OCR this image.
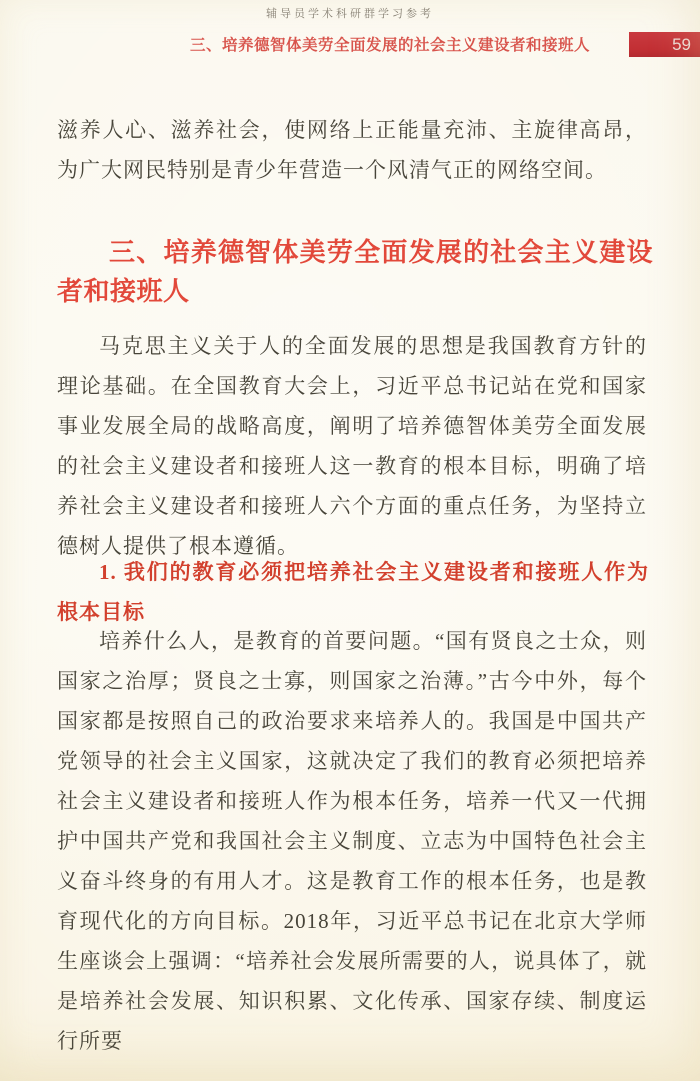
辅导员学术科研群学习参考
三、培养德智体美劳全面发展的社会主义建设者和接班人	59

滋养人心、滋养社会，使网络上正能量充沛、主旋律高昂，为广大网民特别是青少年营造一个风清气正的网络空间。

三、培养德智体美劳全面发展的社会主义建设者和接班人

马克思主义关于人的全面发展的思想是我国教育方针的理论基础。在全国教育大会上，习近平总书记站在党和国家事业发展全局的战略高度，阐明了培养德智体美劳全面发展的社会主义建设者和接班人这一教育的根本目标，明确了培养社会主义建设者和接班人六个方面的重点任务，为坚持立德树人提供了根本遵循。

1. 我们的教育必须把培养社会主义建设者和接班人作为根本目标

培养什么人，是教育的首要问题。“国有贤良之士众，则国家之治厚；贤良之士寡，则国家之治薄。”古今中外，每个国家都是按照自己的政治要求来培养人的。我国是中国共产党领导的社会主义国家，这就决定了我们的教育必须把培养社会主义建设者和接班人作为根本任务，培养一代又一代拥护中国共产党和我国社会主义制度、立志为中国特色社会主义奋斗终身的有用人才。这是教育工作的根本任务，也是教育现代化的方向目标。2018年，习近平总书记在北京大学师生座谈会上强调：“培养社会发展所需要的人，说具体了，就是培养社会发展、知识积累、文化传承、国家存续、制度运行所要
